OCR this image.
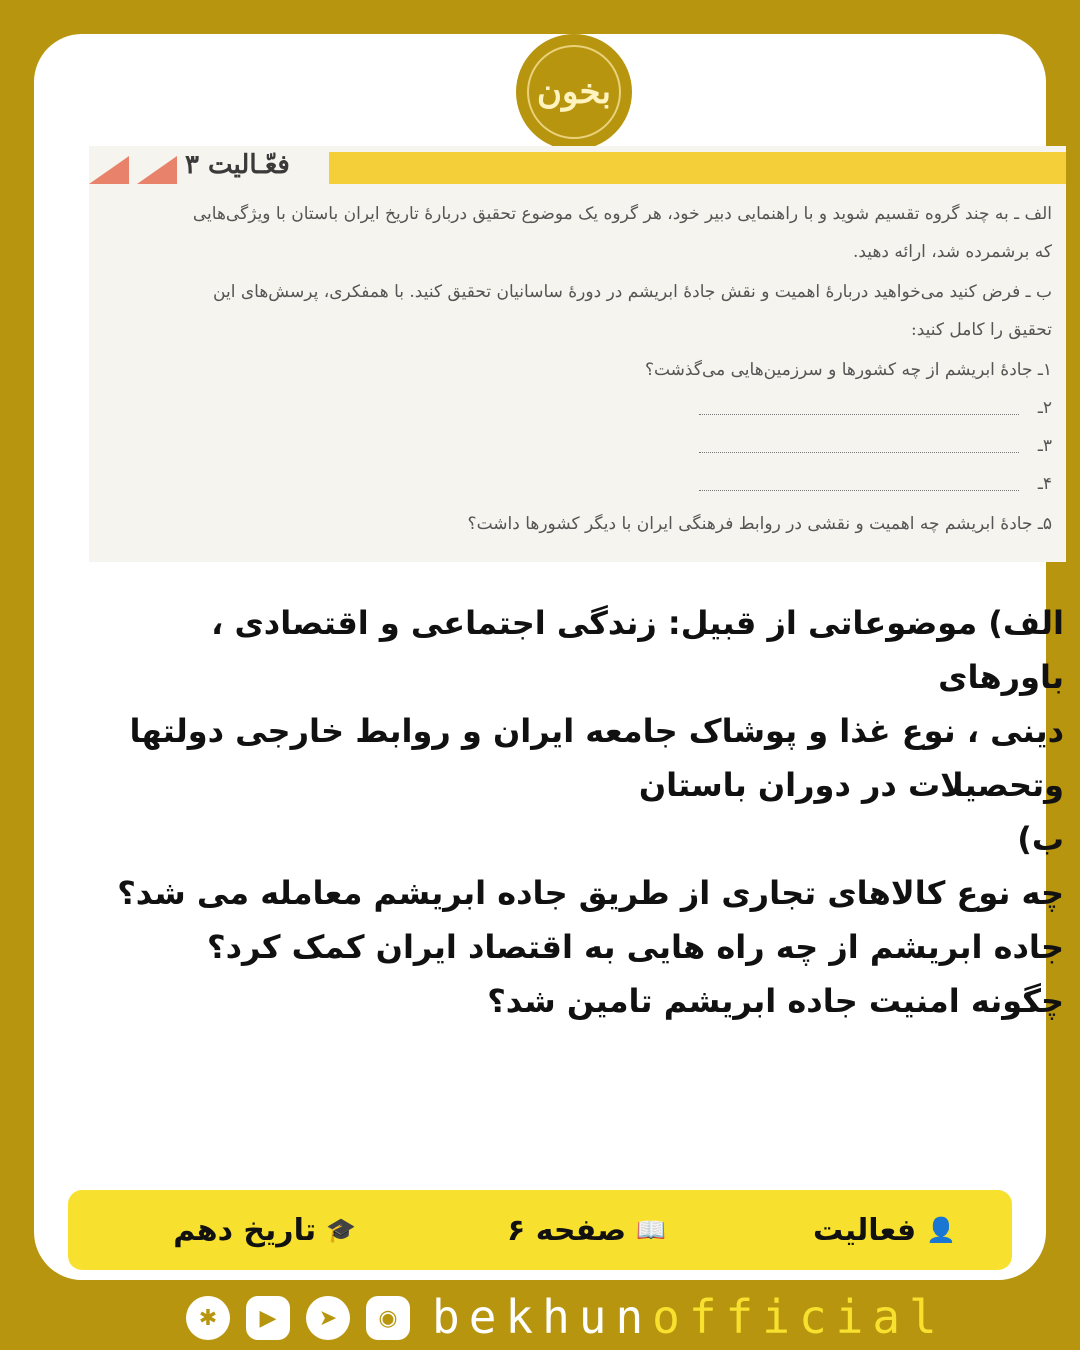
بخون
فعّـالیت ۳
الف ـ به چند گروه تقسیم شوید و با راهنمایی دبیر خود، هر گروه یک موضوع تحقیق دربارهٔ تاریخ ایران باستان با ویژگی‌هایی
که برشمرده شد، ارائه دهید.
ب ـ فرض کنید می‌خواهید دربارهٔ اهمیت و نقش جادهٔ ابریشم در دورهٔ ساسانیان تحقیق کنید. با همفکری، پرسش‌های این
تحقیق را کامل کنید:
۱ـ جادهٔ ابریشم از چه کشورها و سرزمین‌هایی می‌گذشت؟
۲ـ
۳ـ
۴ـ
۵ـ جادهٔ ابریشم چه اهمیت و نقشی در روابط فرهنگی ایران با دیگر کشورها داشت؟

الف) موضوعاتی از قبیل: زندگی اجتماعی و اقتصادی ، باورهای

دینی ، نوع غذا و پوشاک جامعه ایران و روابط خارجی دولتها

وتحصیلات در دوران باستان

ب)

چه نوع کالاهای تجاری از طریق جاده ابریشم معامله می شد؟

جاده ابریشم از چه راه هایی به اقتصاد ایران کمک کرد؟

چگونه امنیت جاده ابریشم تامین شد؟

👤
فعالیت
📖
صفحه ۶
🎓
تاریخ دهم
✱	▶	➤	◉ bekhunofficial
